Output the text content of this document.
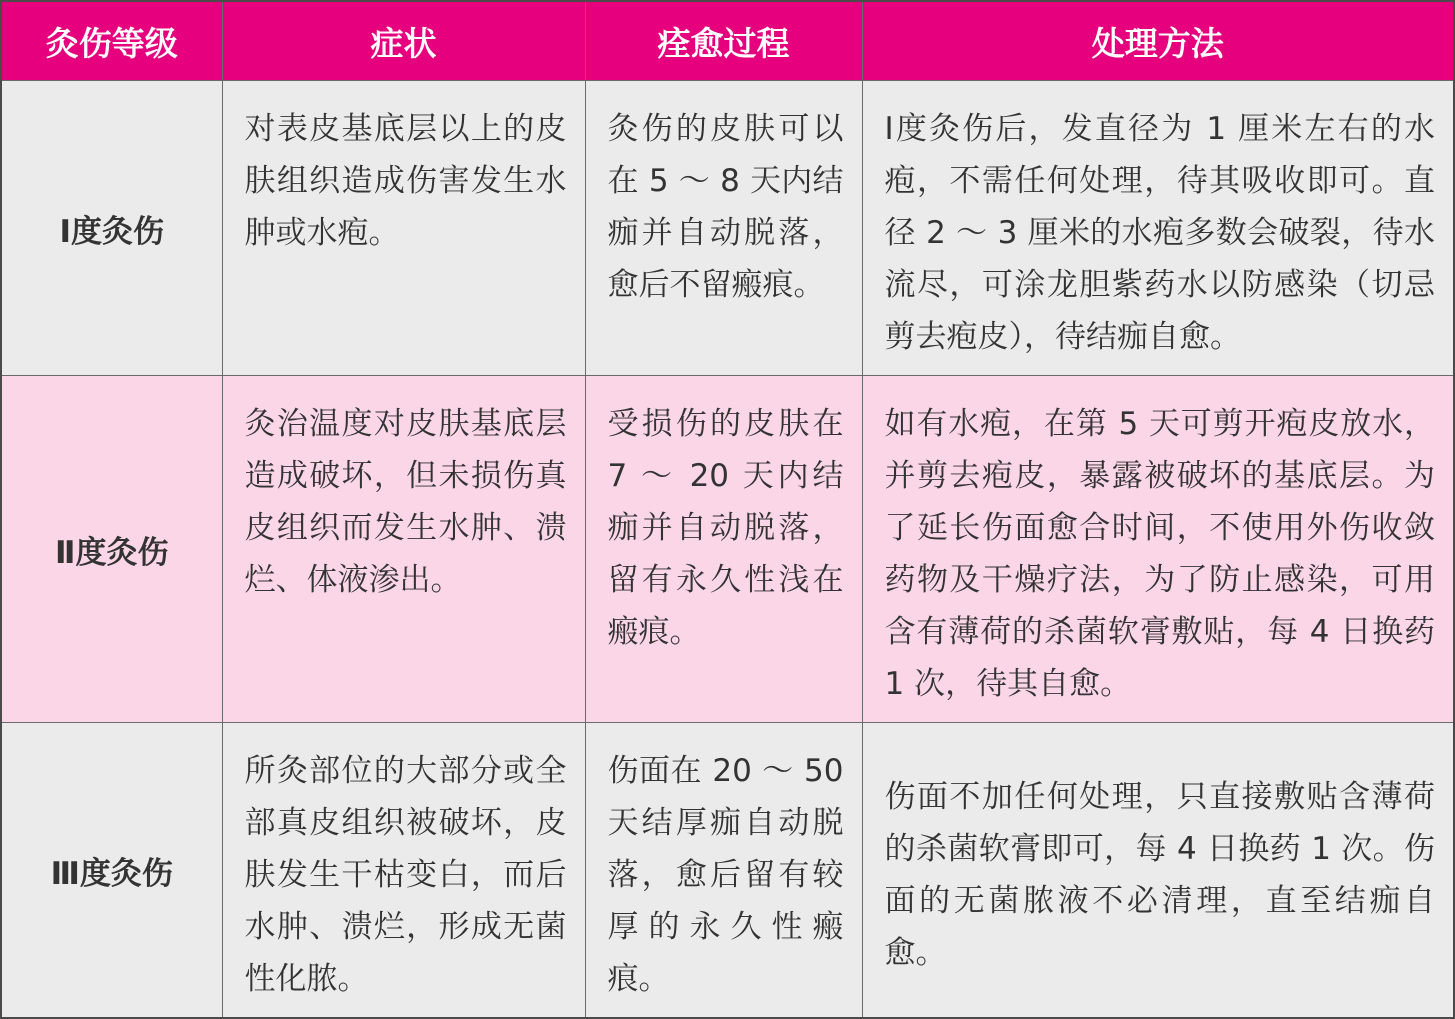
灸伤等级	症状	痊愈过程	处理方法
Ⅰ度灸伤	对表皮基底层以上的皮肤组织造成伤害发生水肿或水疱。	灸伤的皮肤可以在 5 ～ 8 天内结痂并自动脱落，愈后不留瘢痕。	Ⅰ度灸伤后，发直径为 1 厘米左右的水疱，不需任何处理，待其吸收即可。直径 2 ～ 3 厘米的水疱多数会破裂，待水流尽，可涂龙胆紫药水以防感染（切忌剪去疱皮），待结痂自愈。
Ⅱ度灸伤	灸治温度对皮肤基底层造成破坏，但未损伤真皮组织而发生水肿、溃烂、体液渗出。	受损伤的皮肤在 7 ～ 20 天内结痂并自动脱落，留有永久性浅在瘢痕。	如有水疱，在第 5 天可剪开疱皮放水，并剪去疱皮，暴露被破坏的基底层。为了延长伤面愈合时间，不使用外伤收敛药物及干燥疗法，为了防止感染，可用含有薄荷的杀菌软膏敷贴，每 4 日换药 1 次，待其自愈。
Ⅲ度灸伤	所灸部位的大部分或全部真皮组织被破坏，皮肤发生干枯变白，而后水肿、溃烂，形成无菌性化脓。	伤面在 20 ～ 50 天结厚痂自动脱落，愈后留有较厚的永久性瘢痕。	伤面不加任何处理，只直接敷贴含薄荷的杀菌软膏即可，每 4 日换药 1 次。伤面的无菌脓液不必清理，直至结痂自愈。
